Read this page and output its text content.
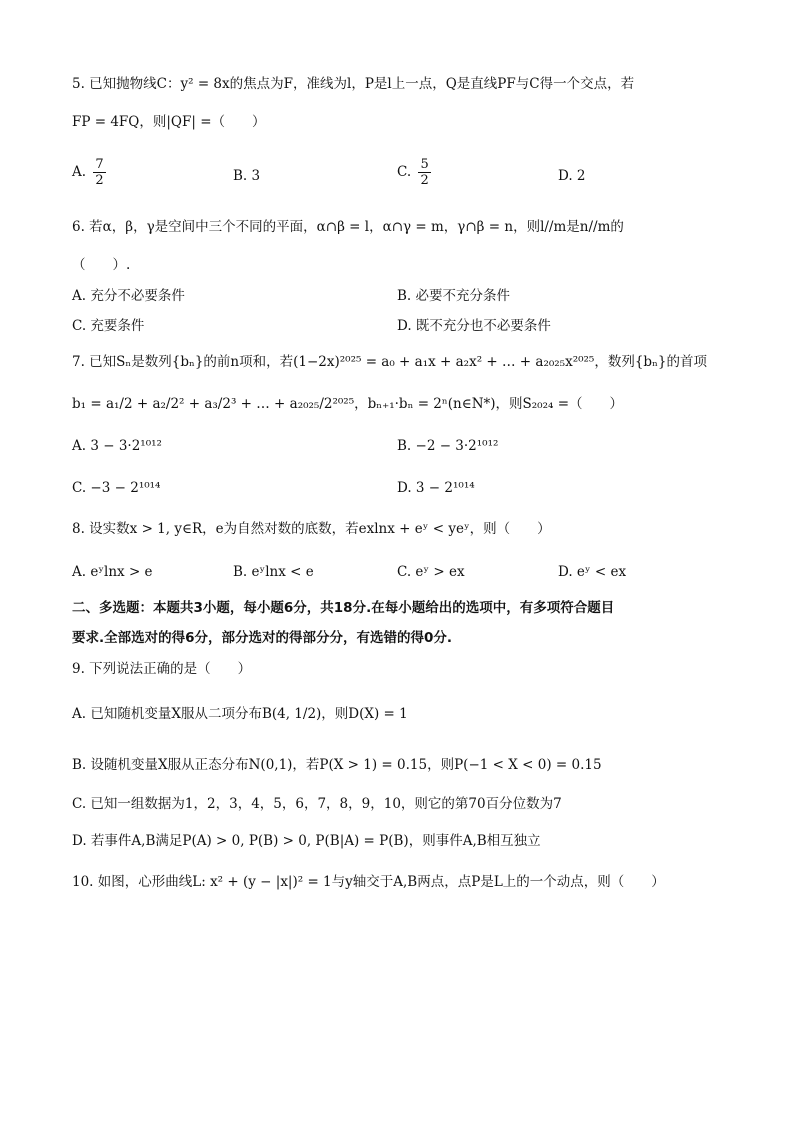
5. 已知抛物线C：y² = 8x的焦点为F，准线为l，P是l上一点，Q是直线PF与C得一个交点，若
FP = 4FQ，则|QF| =（　　）
A. $\frac{7}{2}$	B. 3	C. $\frac{5}{2}$	D. 2
6. 若α，β，γ是空间中三个不同的平面，α∩β = l，α∩γ = m，γ∩β = n，则l//m是n//m的
（　　）.
A. 充分不必要条件	B. 必要不充分条件
C. 充要条件	D. 既不充分也不必要条件
7. 已知Sₙ是数列{bₙ}的前n项和，若(1−2x)²⁰²⁵ = a₀ + a₁x + a₂x² + … + a₂₀₂₅x²⁰²⁵，数列{bₙ}的首项
b₁ = a₁/2 + a₂/2² + a₃/2³ + … + a₂₀₂₅/2²⁰²⁵，bₙ₊₁·bₙ = 2ⁿ(n∈N*)，则S₂₀₂₄ =（　　）
A. 3 − 3·2¹⁰¹²	B. −2 − 3·2¹⁰¹²
C. −3 − 2¹⁰¹⁴	D. 3 − 2¹⁰¹⁴
8. 设实数x > 1, y∈R，e为自然对数的底数，若exlnx + eʸ < yeʸ，则（　　）
A. eʸlnx > e	B. eʸlnx < e	C. eʸ > ex	D. eʸ < ex
二、多选题：本题共3小题，每小题6分，共18分.在每小题给出的选项中，有多项符合题目
要求.全部选对的得6分，部分选对的得部分分，有选错的得0分.
9. 下列说法正确的是（　　）
A. 已知随机变量X服从二项分布B(4, 1/2)，则D(X) = 1
B. 设随机变量X服从正态分布N(0,1)，若P(X > 1) = 0.15，则P(−1 < X < 0) = 0.15
C. 已知一组数据为1，2，3，4，5，6，7，8，9，10，则它的第70百分位数为7
D. 若事件A,B满足P(A) > 0, P(B) > 0, P(B|A) = P(B)，则事件A,B相互独立
10. 如图，心形曲线L: x² + (y − |x|)² = 1与y轴交于A,B两点，点P是L上的一个动点，则（　　）
